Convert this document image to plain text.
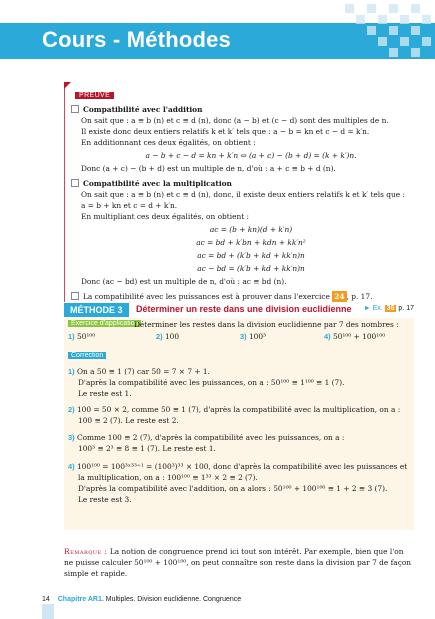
Cours - Méthodes
PREUVE

Compatibilité avec l'addition

On sait que : a ≡ b (n) et c ≡ d (n), donc (a − b) et (c − d) sont des multiples de n.

Il existe donc deux entiers relatifs k et k′ tels que : a − b = kn et c − d = k′n.

En additionnant ces deux égalités, on obtient :

a − b + c − d = kn + k′n ⇔ (a + c) − (b + d) = (k + k′)n.

Donc (a + c) − (b + d) est un multiple de n, d'où : a + c ≡ b + d (n).

Compatibilité avec la multiplication

On sait que : a ≡ b (n) et c ≡ d (n), donc, il existe deux entiers relatifs k et k′ tels que :

a = b + kn et c = d + k′n.

En multipliant ces deux égalités, on obtient :

ac = (b + kn)(d + k′n)

ac = bd + k′bn + kdn + kk′n²

ac = bd + (k′b + kd + kk′n)n

ac − bd = (k′b + kd + kk′n)n

Donc (ac − bd) est un multiple de n, d'où : ac ≡ bd (n).

La compatibilité avec les puissances est à prouver dans l'exercice 24 , p. 17.

MÉTHODE 3	Déterminer un reste dans une division euclidienne ► Ex. 36 p. 17
Exercice d'application
Déterminer les restes dans la division euclidienne par 7 des nombres :
1) 50¹⁰⁰	2) 100	3) 100³	4) 50¹⁰⁰ + 100¹⁰⁰
Correction
1) On a 50 ≡ 1 (7) car 50 = 7 × 7 + 1.
D'après la compatibilité avec les puissances, on a : 50¹⁰⁰ ≡ 1¹⁰⁰ ≡ 1 (7).
Le reste est 1.
2) 100 = 50 × 2, comme 50 ≡ 1 (7), d'après la compatibilité avec la multiplication, on a :
100 ≡ 2 (7). Le reste est 2.
3) Comme 100 ≡ 2 (7), d'après la compatibilité avec les puissances, on a :
100³ ≡ 2³ ≡ 8 ≡ 1 (7). Le reste est 1.
4) 100¹⁰⁰ = 100³ˣ³³⁺¹ = (100³)³³ × 100, donc d'après la compatibilité avec les puissances et
la multiplication, on a : 100¹⁰⁰ ≡ 1³³ × 2 ≡ 2 (7).
D'après la compatibilité avec l'addition, on a alors : 50¹⁰⁰ + 100¹⁰⁰ ≡ 1 + 2 ≡ 3 (7).
Le reste est 3.
Remarque : La notion de congruence prend ici tout son intérêt. Par exemple, bien que l'on ne puisse calculer 50¹⁰⁰ + 100¹⁰⁰, on peut connaître son reste dans la division par 7 de façon simple et rapide.
14 Chapitre AR1. Multiples. Division euclidienne. Congruence
